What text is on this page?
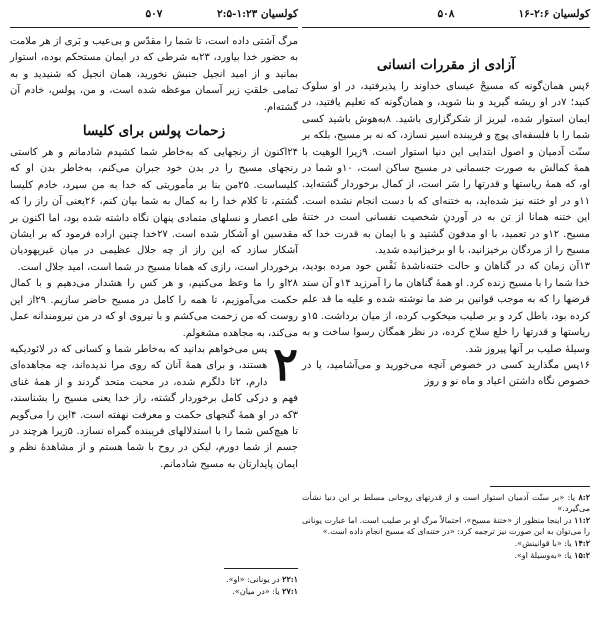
کولسیان ۱:۲۳-۲:۵
۵۰۷

مرگ آشتی داده است، تا شما را مقدّس و بی‌عیب و بَری از هر ملامت به حضور خدا بیاورد، ۲۳به شرطی که در ایمان مستحکم بوده، استوار بمانید و از امید انجیل جنبش نخورید، همان انجیل که شنیدید و به تمامی خلقتِ زیر آسمان موعظه شده است، و من، پولس، خادم آن گشته‌ام.

زحمات پولس برای کلیسا

۲۴اکنون از رنجهایی که به‌خاطر شما کشیدم شادمانم و هر کاستی رنجهای مسیح را در بدن خود جبران می‌کنم، به‌خاطر بدن او که کلیساست. ۲۵من بنا بر مأموریتی که خدا به من سپرد، خادم کلیسا گشتم، تا کلام خدا را به کمال به شما بیان کنم، ۲۶یعنی آن راز را که طی اعصار و نسلهای متمادی پنهان نگاه داشته شده بود، اما اکنون بر مقدسین او آشکار شده است. ۲۷خدا چنین اراده فرمود که بر ایشان آشکار سازد که این راز از چه جلال عظیمی در میان غیریهودیان برخوردار است، رازی که همانا مسیح در شما است، امید جلال است.

۲۸او را ما وعظ می‌کنیم، و هر کس را هشدار می‌دهیم و با کمال حکمت می‌آموزیم، تا همه را کامل در مسیح حاضر سازیم. ۲۹از این روست که من زحمت می‌کشم و با نیروی او که در من نیرومندانه عمل می‌کند، به مجاهده مشغولم.

۲
پس می‌خواهم بدانید که به‌خاطر شما و کسانی که در لائودیکیه هستند، و برای همهٔ آنان که روی مرا ندیده‌اند، چه مجاهده‌ای دارم، ۲تا دلگرم شده، در محبت متحد گردند و از همهٔ غنای فهم و درکی کامل برخوردار گشته، راز خدا یعنی مسیح را بشناسند، ۳که در او همهٔ گنجهای حکمت و معرفت نهفته است. ۴این را می‌گویم تا هیچ‌کس شما را با استدلالهای فریبنده گمراه نسازد. ۵زیرا هرچند در جسم از شما دورم، لیکن در روح با شما هستم و از مشاهدهٔ نظم و ایمان پایدارتان به مسیح شادمانم.

۲۲:۱ در یونانی: «او».

۲۷:۱ یا: «در میان».

کولسیان ۲:۶-۱۶
۵۰۸
آزادی از مقررات انسانی

۶پس همان‌گونه که مسیحْ عیسای خداوند را پذیرفتید، در او سلوک کنید؛ ۷در او ریشه گیرید و بنا شوید، و همان‌گونه که تعلیم یافتید، در ایمان استوار شده، لبریز از شکرگزاری باشید. ۸به‌هوش باشید کسی شما را با فلسفه‌ای پوچ و فریبنده اسیر نسازد، که نه بر مسیح، بلکه بر سنّت آدمیان و اصول ابتدایی این دنیا استوار است. ۹زیرا الوهیت با همهٔ کمالش به صورت جسمانی در مسیح ساکن است، ۱۰و شما در او، که همهٔ ریاستها و قدرتها را سَر است، از کمال برخوردار گشته‌اید. ۱۱و در او ختنه نیز شده‌اید، به ختنه‌ای که با دست انجام نشده است. این ختنه همانا از تن به در آوردنِ شخصیت نفسانی است در ختنهٔ مسیح. ۱۲و در تعمید، با او مدفون گشتید و با ایمان به قدرت خدا که مسیح را از مردگان برخیزانید، با او برخیزانیده شدید.

۱۳آن زمان که در گناهان و حالت ختنه‌ناشدهٔ نَفْس خود مرده بودید، خدا شما را با مسیح زنده کرد. او همهٔ گناهان ما را آمرزید ۱۴و آن سند قرضها را که به موجب قوانین بر ضد ما نوشته شده و علیه ما قد علم کرده بود، باطل کرد و بر صلیب میخکوب کرده، از میان برداشت. ۱۵و ریاستها و قدرتها را خلع سلاح کرده، در نظر همگان رسوا ساخت و به وسیلهٔ صلیب بر آنها پیروز شد.

۱۶پس مگذارید کسی در خصوص آنچه می‌خورید و می‌آشامید، یا در خصوص نگاه داشتن اعیاد و ماه نو و روز

۸:۲ یا: «بر سنّت آدمیان استوار است و از قدرتهای روحانی مسلط بر این دنیا نشأت می‌گیرد.»

۱۱:۲ در اینجا منظور از «ختنهٔ مسیح»، احتمالاً مرگ او بر صلیب است. اما عبارت یونانی را می‌توان به این صورت نیز ترجمه کرد: «در ختنه‌ای که مسیح انجام داده است.»

۱۴:۲ یا: «با قوانینش».

۱۵:۲ یا: «به‌وسیلهٔ او».
